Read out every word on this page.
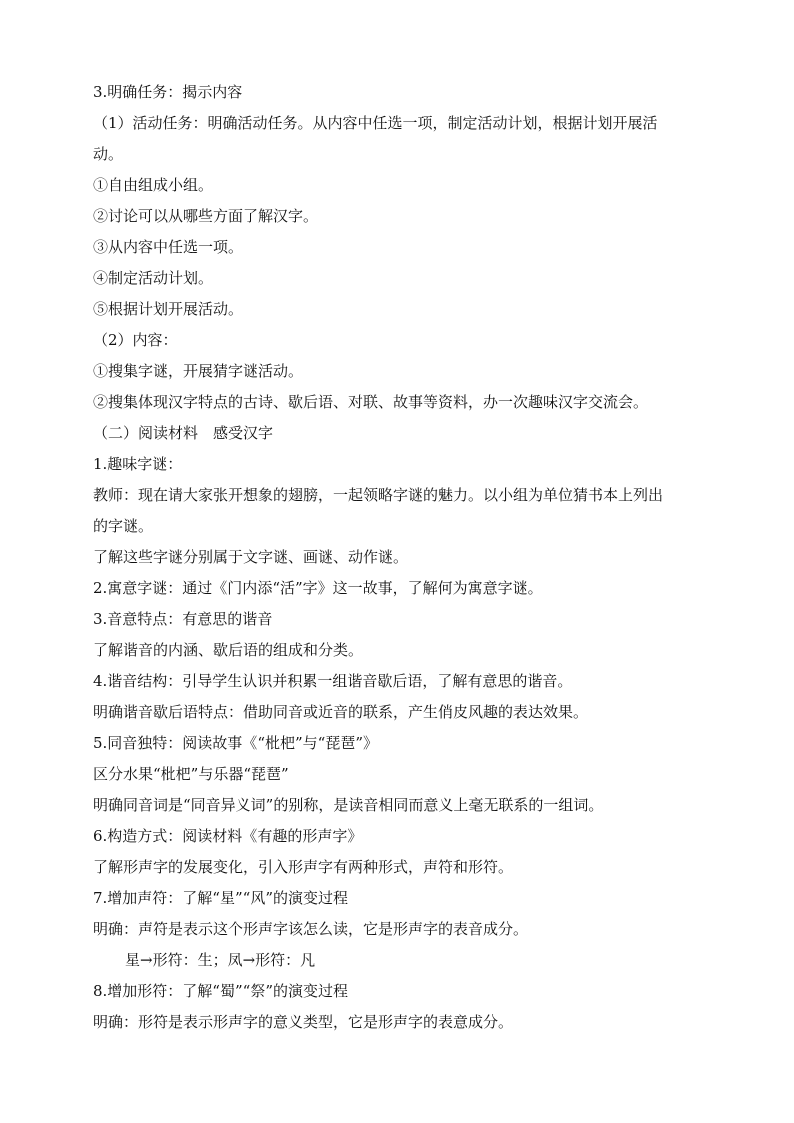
3.明确任务：揭示内容

（1）活动任务：明确活动任务。从内容中任选一项，制定活动计划，根据计划开展活

动。

①自由组成小组。

②讨论可以从哪些方面了解汉字。

③从内容中任选一项。

④制定活动计划。

⑤根据计划开展活动。

（2）内容：

①搜集字谜，开展猜字谜活动。

②搜集体现汉字特点的古诗、歇后语、对联、故事等资料，办一次趣味汉字交流会。

（二）阅读材料　感受汉字

1.趣味字谜：

教师：现在请大家张开想象的翅膀，一起领略字谜的魅力。以小组为单位猜书本上列出

的字谜。

了解这些字谜分别属于文字谜、画谜、动作谜。

2.寓意字谜：通过《门内添“活”字》这一故事，了解何为寓意字谜。

3.音意特点：有意思的谐音

了解谐音的内涵、歇后语的组成和分类。

4.谐音结构：引导学生认识并积累一组谐音歇后语，了解有意思的谐音。

明确谐音歇后语特点：借助同音或近音的联系，产生俏皮风趣的表达效果。

5.同音独特：阅读故事《“枇杷”与“琵琶”》

区分水果“枇杷”与乐器“琵琶”

明确同音词是“同音异义词”的别称，是读音相同而意义上毫无联系的一组词。

6.构造方式：阅读材料《有趣的形声字》

了解形声字的发展变化，引入形声字有两种形式，声符和形符。

7.增加声符：了解“星”“风”的演变过程

明确：声符是表示这个形声字该怎么读，它是形声字的表音成分。

星→形符：生；凤→形符：凡

8.增加形符：了解“蜀”“祭”的演变过程

明确：形符是表示形声字的意义类型，它是形声字的表意成分。
